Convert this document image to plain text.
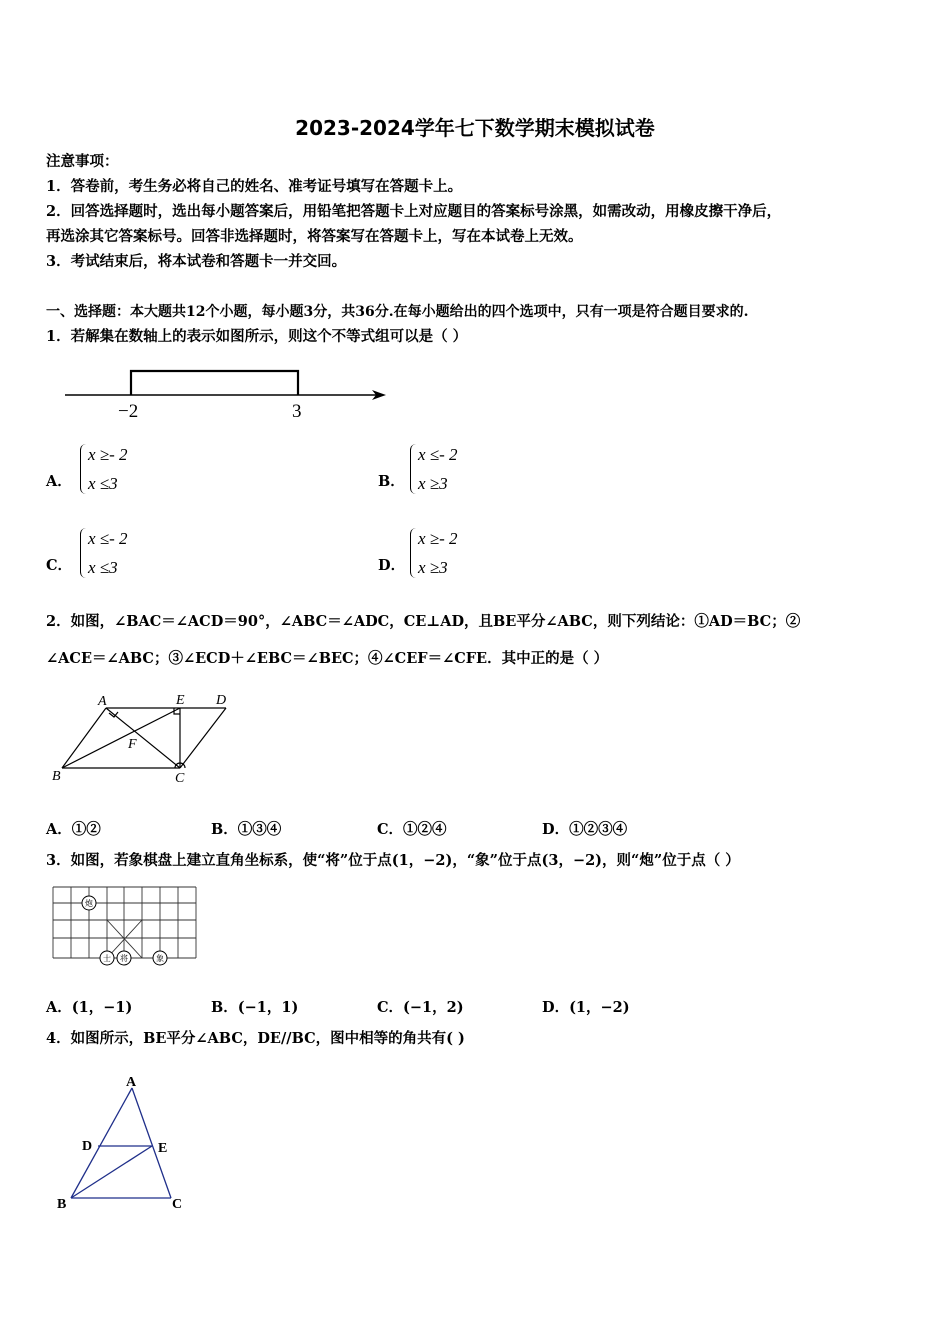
2023-2024学年七下数学期末模拟试卷
注意事项：
1．答卷前，考生务必将自己的姓名、准考证号填写在答题卡上。
2．回答选择题时，选出每小题答案后，用铅笔把答题卡上对应题目的答案标号涂黑，如需改动，用橡皮擦干净后，
再选涂其它答案标号。回答非选择题时，将答案写在答题卡上，写在本试卷上无效。
3．考试结束后，将本试卷和答题卡一并交回。
一、选择题：本大题共12个小题，每小题3分，共36分.在每小题给出的四个选项中，只有一项是符合题目要求的.
1．若解集在数轴上的表示如图所示，则这个不等式组可以是（ ）
−2	3
A．
x ≥- 2
x ≤3	B．
x ≤- 2
x ≥3
C．
x ≤- 2
x ≤3	D．
x ≥- 2
x ≥3
2．如图，∠BAC＝∠ACD＝90°，∠ABC＝∠ADC，CE⊥AD，且BE平分∠ABC，则下列结论：①AD＝BC；②
∠ACE＝∠ABC；③∠ECD＋∠EBC＝∠BEC；④∠CEF＝∠CFE．其中正的是（ ）
A	E D
F
B	C
A．①②	B．①③④	C．①②④	D．①②③④
3．如图，若象棋盘上建立直角坐标系，使“将”位于点(1，−2)，“象”位于点(3，−2)，则“炮”位于点（ ）
炮
士 将	象
A．(1，−1)	B．(−1，1)	C．(−1，2)	D．(1，−2)
4．如图所示，BE平分∠ABC，DE//BC，图中相等的角共有( )
A
D	E
B	C
